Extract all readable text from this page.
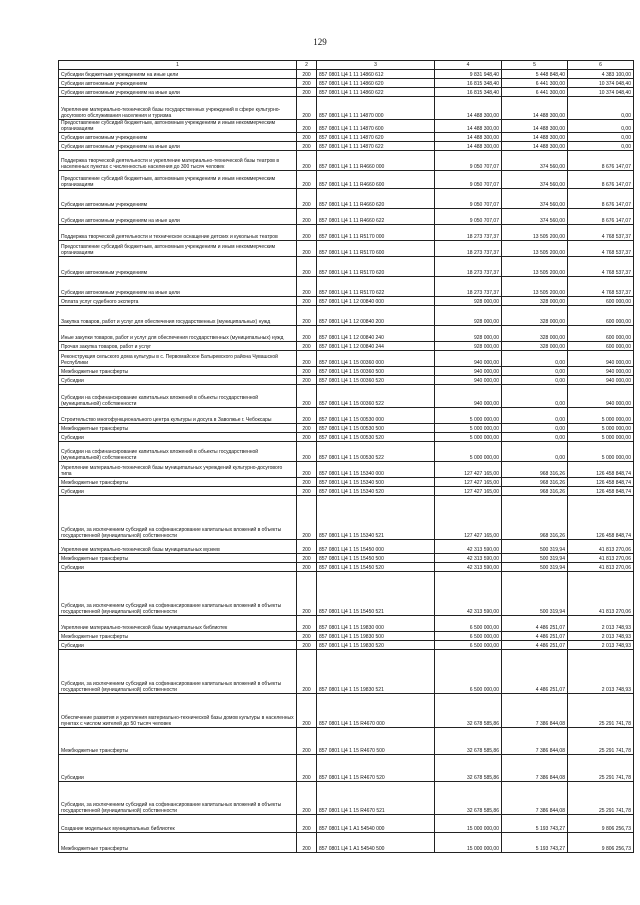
129
1	2	3	4	5	6
Субсидии бюджетным учреждениям на иные цели	200	857 0801 Ц4 1 11 14860 612	9 831 948,40	5 448 848,40	4 383 100,00
Субсидии автономным учреждениям	200	857 0801 Ц4 1 11 14860 620	16 815 348,40	6 441 300,00	10 374 048,40
Субсидии автономным учреждениям на иные цели	200	857 0801 Ц4 1 11 14860 622	16 815 348,40	6 441 300,00	10 374 048,40
Укрепление материально-технической базы государственных учреждений в сфере культурно-досугового обслуживания населения и туризма	200	857 0801 Ц4 1 11 14870 000	14 488 300,00	14 488 300,00	0,00
Предоставление субсидий бюджетным, автономным учреждениям и иным некоммерческим организациям	200	857 0801 Ц4 1 11 14870 600	14 488 300,00	14 488 300,00	0,00
Субсидии автономным учреждениям	200	857 0801 Ц4 1 11 14870 620	14 488 300,00	14 488 300,00	0,00
Субсидии автономным учреждениям на иные цели	200	857 0801 Ц4 1 11 14870 622	14 488 300,00	14 488 300,00	0,00
Поддержка творческой деятельности и укрепление материально-технической базы театров в населенных пунктах с численностью населения до 300 тысяч человек	200	857 0801 Ц4 1 11 R4660 000	9 050 707,07	374 560,00	8 676 147,07
Предоставление субсидий бюджетным, автономным учреждениям и иным некоммерческим организациям	200	857 0801 Ц4 1 11 R4660 600	9 050 707,07	374 560,00	8 676 147,07
Субсидии автономным учреждениям	200	857 0801 Ц4 1 11 R4660 620	9 050 707,07	374 560,00	8 676 147,07
Субсидии автономным учреждениям на иные цели	200	857 0801 Ц4 1 11 R4660 622	9 050 707,07	374 560,00	8 676 147,07
Поддержка творческой деятельности и техническое оснащение детских и кукольных театров	200	857 0801 Ц4 1 11 R5170 000	18 273 737,37	13 505 200,00	4 768 537,37
Предоставление субсидий бюджетным, автономным учреждениям и иным некоммерческим организациям	200	857 0801 Ц4 1 11 R5170 600	18 273 737,37	13 505 200,00	4 768 537,37
Субсидии автономным учреждениям	200	857 0801 Ц4 1 11 R5170 620	18 273 737,37	13 505 200,00	4 768 537,37
Субсидии автономным учреждениям на иные цели	200	857 0801 Ц4 1 11 R5170 622	18 273 737,37	13 505 200,00	4 768 537,37
Оплата услуг судебного эксперта	200	857 0801 Ц4 1 12 00840 000	928 000,00	328 000,00	600 000,00
Закупка товаров, работ и услуг для обеспечения государственных (муниципальных) нужд	200	857 0801 Ц4 1 12 00840 200	928 000,00	328 000,00	600 000,00
Иные закупки товаров, работ и услуг для обеспечения государственных (муниципальных) нужд	200	857 0801 Ц4 1 12 00840 240	928 000,00	328 000,00	600 000,00
Прочая закупка товаров, работ и услуг	200	857 0801 Ц4 1 12 00840 244	928 000,00	328 000,00	600 000,00
Реконструкция сельского дома культуры в с. Первомайское Батыревского района Чувашской Республики	200	857 0801 Ц4 1 15 00360 000	940 000,00	0,00	940 000,00
Межбюджетные трансферты	200	857 0801 Ц4 1 15 00360 500	940 000,00	0,00	940 000,00
Субсидии	200	857 0801 Ц4 1 15 00360 520	940 000,00	0,00	940 000,00
Субсидии на софинансирование капитальных вложений в объекты государственной (муниципальной) собственности	200	857 0801 Ц4 1 15 00360 522	940 000,00	0,00	940 000,00
Строительство многофункционального центра культуры и досуга в Заволжье г. Чебоксары	200	857 0801 Ц4 1 15 00530 000	5 000 000,00	0,00	5 000 000,00
Межбюджетные трансферты	200	857 0801 Ц4 1 15 00530 500	5 000 000,00	0,00	5 000 000,00
Субсидии	200	857 0801 Ц4 1 15 00530 520	5 000 000,00	0,00	5 000 000,00
Субсидии на софинансирование капитальных вложений в объекты государственной (муниципальной) собственности	200	857 0801 Ц4 1 15 00530 522	5 000 000,00	0,00	5 000 000,00
Укрепление материально-технической базы муниципальных учреждений культурно-досугового типа	200	857 0801 Ц4 1 15 15340 000	127 427 165,00	968 316,26	126 458 848,74
Межбюджетные трансферты	200	857 0801 Ц4 1 15 15340 500	127 427 165,00	968 316,26	126 458 848,74
Субсидии	200	857 0801 Ц4 1 15 15340 520	127 427 165,00	968 316,26	126 458 848,74
Субсидии, за исключением субсидий на софинансирование капитальных вложений в объекты государственной (муниципальной) собственности	200	857 0801 Ц4 1 15 15340 521	127 427 165,00	968 316,26	126 458 848,74
Укрепление материально-технической базы муниципальных музеев	200	857 0801 Ц4 1 15 15450 000	42 313 590,00	500 319,94	41 813 270,06
Межбюджетные трансферты	200	857 0801 Ц4 1 15 15450 500	42 313 590,00	500 319,94	41 813 270,06
Субсидии	200	857 0801 Ц4 1 15 15450 520	42 313 590,00	500 319,94	41 813 270,06
Субсидии, за исключением субсидий на софинансирование капитальных вложений в объекты государственной (муниципальной) собственности	200	857 0801 Ц4 1 15 15450 521	42 313 590,00	500 319,94	41 813 270,06
Укрепление материально-технической базы муниципальных библиотек	200	857 0801 Ц4 1 15 19830 000	6 500 000,00	4 486 251,07	2 013 748,93
Межбюджетные трансферты	200	857 0801 Ц4 1 15 19830 500	6 500 000,00	4 486 251,07	2 013 748,93
Субсидии	200	857 0801 Ц4 1 15 19830 520	6 500 000,00	4 486 251,07	2 013 748,93
Субсидии, за исключением субсидий на софинансирование капитальных вложений в объекты государственной (муниципальной) собственности	200	857 0801 Ц4 1 15 19830 521	6 500 000,00	4 486 251,07	2 013 748,93
Обеспечение развития и укрепления материально-технической базы домов культуры в населенных пунктах с числом жителей до 50 тысяч человек	200	857 0801 Ц4 1 15 R4670 000	32 678 585,86	7 386 844,08	25 291 741,78
Межбюджетные трансферты	200	857 0801 Ц4 1 15 R4670 500	32 678 585,86	7 386 844,08	25 291 741,78
Субсидии	200	857 0801 Ц4 1 15 R4670 520	32 678 585,86	7 386 844,08	25 291 741,78
Субсидии, за исключением субсидий на софинансирование капитальных вложений в объекты государственной (муниципальной) собственности	200	857 0801 Ц4 1 15 R4670 521	32 678 585,86	7 386 844,08	25 291 741,78
Создание модельных муниципальных библиотек	200	857 0801 Ц4 1 А1 54540 000	15 000 000,00	5 193 743,27	9 806 256,73
Межбюджетные трансферты	200	857 0801 Ц4 1 А1 54540 500	15 000 000,00	5 193 743,27	9 806 256,73
